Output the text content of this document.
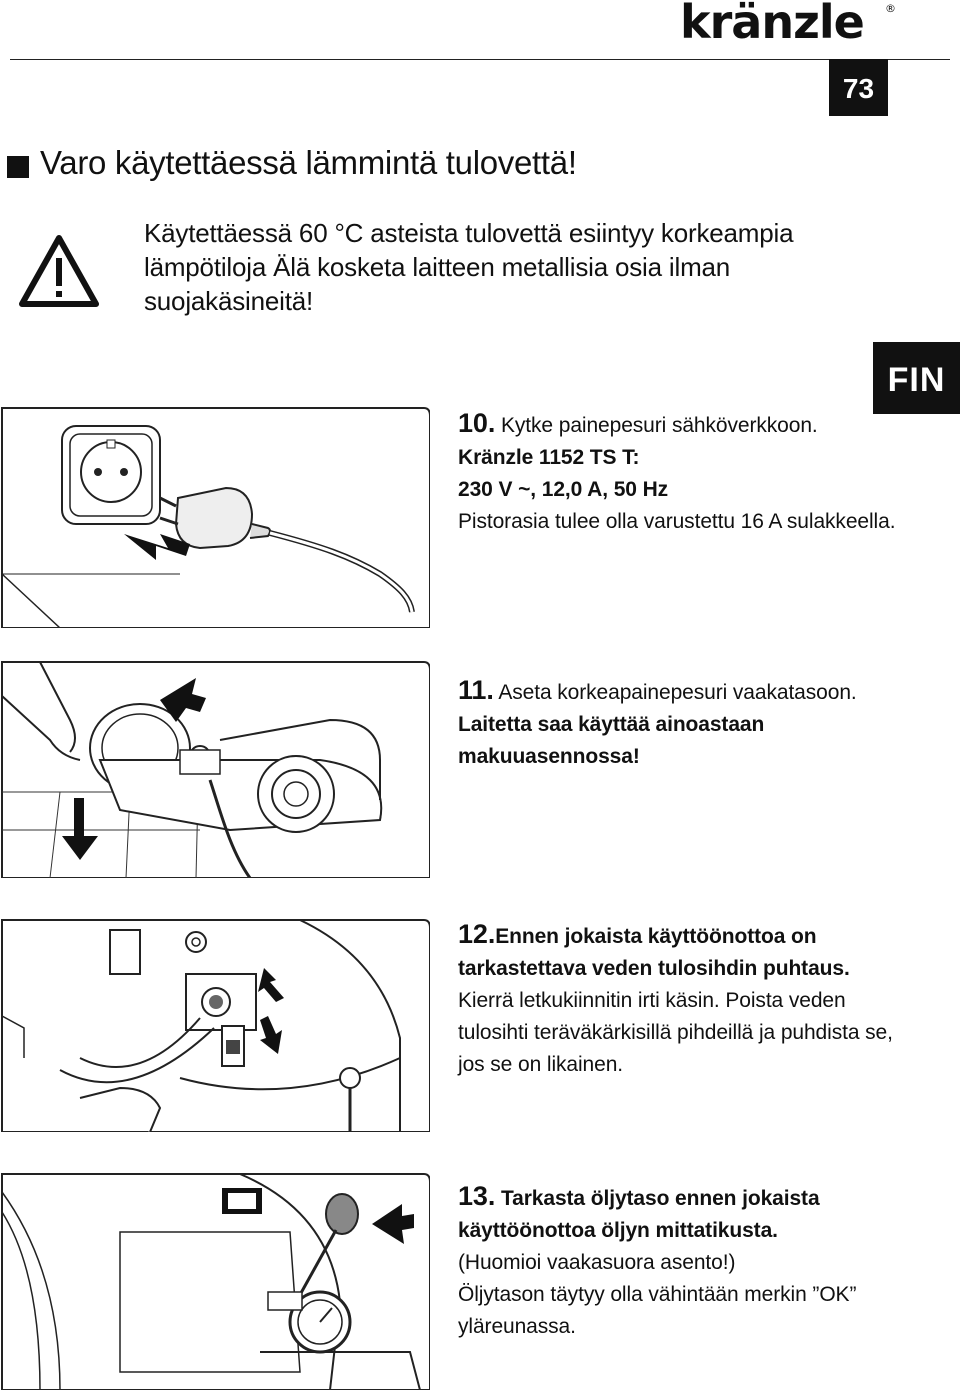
kränzle ®
73
Varo käytettäessä lämmintä tulovettä!
Käytettäessä 60 °C asteista tulovettä esiintyy korkeampia lämpötiloja Älä kosketa laitteen metallisia osia ilman suojakäsineitä!
FIN

10. Kytke painepesuri sähköverkkoon.

Kränzle 1152 TS T:

230 V ~, 12,0 A, 50 Hz

Pistorasia tulee olla varustettu 16 A sulakkeella.

11. Aseta korkeapainepesuri vaakatasoon.

Laitetta saa käyttää ainoastaan makuuasennossa!

12.Ennen jokaista käyttöönottoa on tarkastettava veden tulosihdin puhtaus.

Kierrä letkukiinnitin irti käsin. Poista veden tulosihti teräväkärkisillä pihdeillä ja puhdista se, jos se on likainen.

13. Tarkasta öljytaso ennen jokaista käyttöönottoa öljyn mittatikusta.

(Huomioi vaakasuora asento!)

Öljytason täytyy olla vähintään merkin ”OK” yläreunassa.
